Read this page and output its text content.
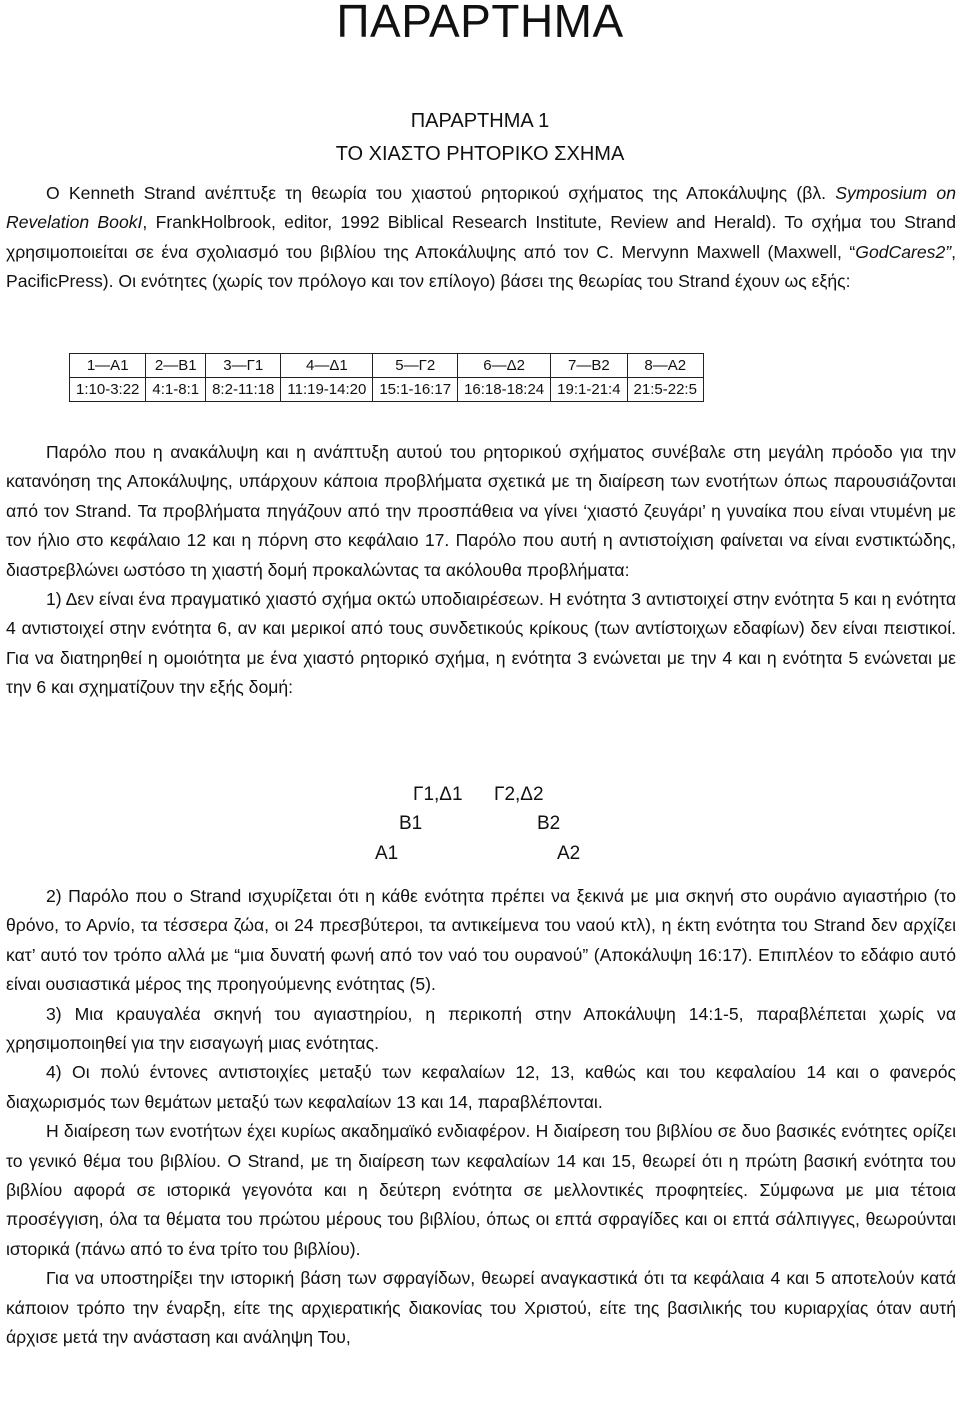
ΠΑΡΑΡΤΗΜΑ
ΠΑΡΑΡΤΗΜΑ 1
ΤΟ ΧΙΑΣΤΟ ΡΗΤΟΡΙΚΟ ΣΧΗΜΑ

Ο Kenneth Strand ανέπτυξε τη θεωρία του χιαστού ρητορικού σχήματος της Αποκάλυψης (βλ. Symposium on Revelation BookI, FrankHolbrook, editor, 1992 Biblical Research Institute, Review and Herald). Το σχήμα του Strand χρησιμοποιείται σε ένα σχολιασμό του βιβλίου της Αποκάλυψης από τον C. Mervynn Maxwell (Maxwell, “GodCares2”, PacificPress). Οι ενότητες (χωρίς τον πρόλογο και τον επίλογο) βάσει της θεωρίας του Strand έχουν ως εξής:

1—Α1	2—Β1	3—Γ1	4—Δ1	5—Γ2	6—Δ2	7—Β2	8—Α2
1:10-3:22	4:1-8:1	8:2-11:18	11:19-14:20	15:1-16:17	16:18-18:24	19:1-21:4	21:5-22:5

Παρόλο που η ανακάλυψη και η ανάπτυξη αυτού του ρητορικού σχήματος συνέβαλε στη μεγάλη πρόοδο για την κατανόηση της Αποκάλυψης, υπάρχουν κάποια προβλήματα σχετικά με τη διαίρεση των ενοτήτων όπως παρουσιάζονται από τον Strand. Τα προβλήματα πηγάζουν από την προσπάθεια να γίνει ‘χιαστό ζευγάρι’ η γυναίκα που είναι ντυμένη με τον ήλιο στο κεφάλαιο 12 και η πόρνη στο κεφάλαιο 17. Παρόλο που αυτή η αντιστοίχιση φαίνεται να είναι ενστικτώδης, διαστρεβλώνει ωστόσο τη χιαστή δομή προκαλώντας τα ακόλουθα προβλήματα:

1) Δεν είναι ένα πραγματικό χιαστό σχήμα οκτώ υποδιαιρέσεων. Η ενότητα 3 αντιστοιχεί στην ενότητα 5 και η ενότητα 4 αντιστοιχεί στην ενότητα 6, αν και μερικοί από τους συνδετικούς κρίκους (των αντίστοιχων εδαφίων) δεν είναι πειστικοί. Για να διατηρηθεί η ομοιότητα με ένα χιαστό ρητορικό σχήμα, η ενότητα 3 ενώνεται με την 4 και η ενότητα 5 ενώνεται με την 6 και σχηματίζουν την εξής δομή:

Γ1,Δ1 Γ2,Δ2
Β1	Β2
Α1	Α2

2) Παρόλο που ο Strand ισχυρίζεται ότι η κάθε ενότητα πρέπει να ξεκινά με μια σκηνή στο ουράνιο αγιαστήριο (το θρόνο, το Αρνίο, τα τέσσερα ζώα, οι 24 πρεσβύτεροι, τα αντικείμενα του ναού κτλ), η έκτη ενότητα του Strand δεν αρχίζει κατ’ αυτό τον τρόπο αλλά με “μια δυνατή φωνή από τον ναό του ουρανού” (Αποκάλυψη 16:17). Επιπλέον το εδάφιο αυτό είναι ουσιαστικά μέρος της προηγούμενης ενότητας (5).

3) Μια κραυγαλέα σκηνή του αγιαστηρίου, η περικοπή στην Αποκάλυψη 14:1-5, παραβλέπεται χωρίς να χρησιμοποιηθεί για την εισαγωγή μιας ενότητας.

4) Οι πολύ έντονες αντιστοιχίες μεταξύ των κεφαλαίων 12, 13, καθώς και του κεφαλαίου 14 και ο φανερός διαχωρισμός των θεμάτων μεταξύ των κεφαλαίων 13 και 14, παραβλέπονται.

Η διαίρεση των ενοτήτων έχει κυρίως ακαδημαϊκό ενδιαφέρον. Η διαίρεση του βιβλίου σε δυο βασικές ενότητες ορίζει το γενικό θέμα του βιβλίου. Ο Strand, με τη διαίρεση των κεφαλαίων 14 και 15, θεωρεί ότι η πρώτη βασική ενότητα του βιβλίου αφορά σε ιστορικά γεγονότα και η δεύτερη ενότητα σε μελλοντικές προφητείες. Σύμφωνα με μια τέτοια προσέγγιση, όλα τα θέματα του πρώτου μέρους του βιβλίου, όπως οι επτά σφραγίδες και οι επτά σάλπιγγες, θεωρούνται ιστορικά (πάνω από το ένα τρίτο του βιβλίου).

Για να υποστηρίξει την ιστορική βάση των σφραγίδων, θεωρεί αναγκαστικά ότι τα κεφάλαια 4 και 5 αποτελούν κατά κάποιον τρόπο την έναρξη, είτε της αρχιερατικής διακονίας του Χριστού, είτε της βασιλικής του κυριαρχίας όταν αυτή άρχισε μετά την ανάσταση και ανάληψη Του,
